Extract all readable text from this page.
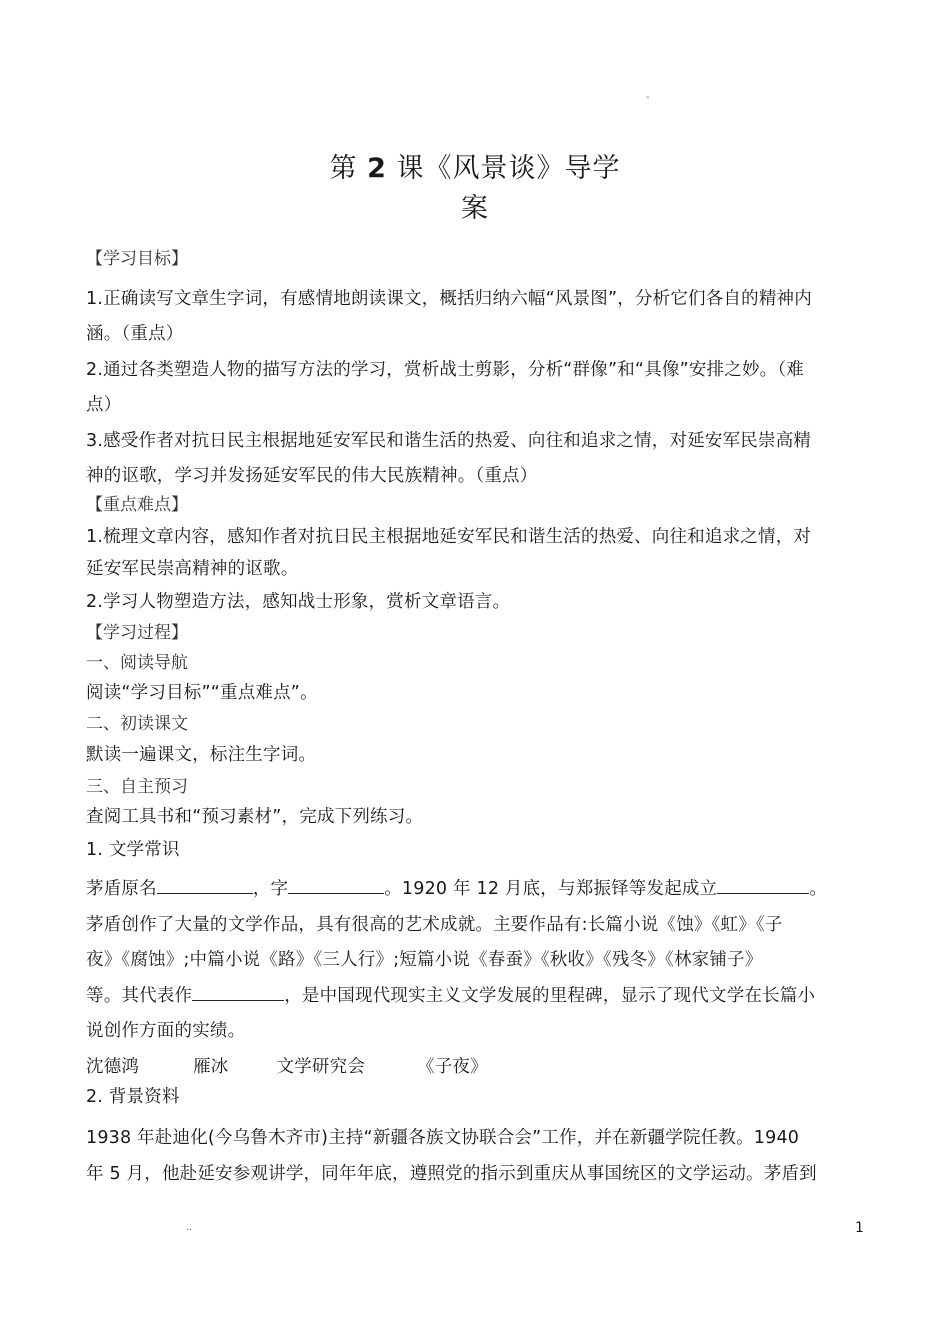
-
第 2 课《风景谈》导学
案
【学习目标】
1.正确读写文章生字词，有感情地朗读课文，概括归纳六幅“风景图”，分析它们各自的精神内
涵。（重点）
2.通过各类塑造人物的描写方法的学习，赏析战士剪影，分析“群像”和“具像”安排之妙。（难
点）
3.感受作者对抗日民主根据地延安军民和谐生活的热爱、向往和追求之情，对延安军民崇高精
神的讴歌，学习并发扬延安军民的伟大民族精神。（重点）
【重点难点】
1.梳理文章内容，感知作者对抗日民主根据地延安军民和谐生活的热爱、向往和追求之情，对
延安军民崇高精神的讴歌。
2.学习人物塑造方法，感知战士形象，赏析文章语言。
【学习过程】
一、阅读导航
阅读“学习目标”“重点难点”。
二、初读课文
默读一遍课文，标注生字词。
三、自主预习
查阅工具书和“预习素材”，完成下列练习。
1. 文学常识
茅盾原名	，字	。1920 年 12 月底，与郑振铎等发起成立	。
茅盾创作了大量的文学作品，具有很高的艺术成就。主要作品有:长篇小说《蚀》《虹》《子
夜》《腐蚀》;中篇小说《路》《三人行》;短篇小说《春蚕》《秋收》《残冬》《林家铺子》
等。其代表作	，是中国现代现实主义文学发展的里程碑，显示了现代文学在长篇小
说创作方面的实绩。
沈德鸿	雁冰	文学研究会	《子夜》
2. 背景资料
1938 年赴迪化(今乌鲁木齐市)主持“新疆各族文协联合会”工作，并在新疆学院任教。1940
年 5 月，他赴延安参观讲学，同年年底，遵照党的指示到重庆从事国统区的文学运动。茅盾到
..	1
